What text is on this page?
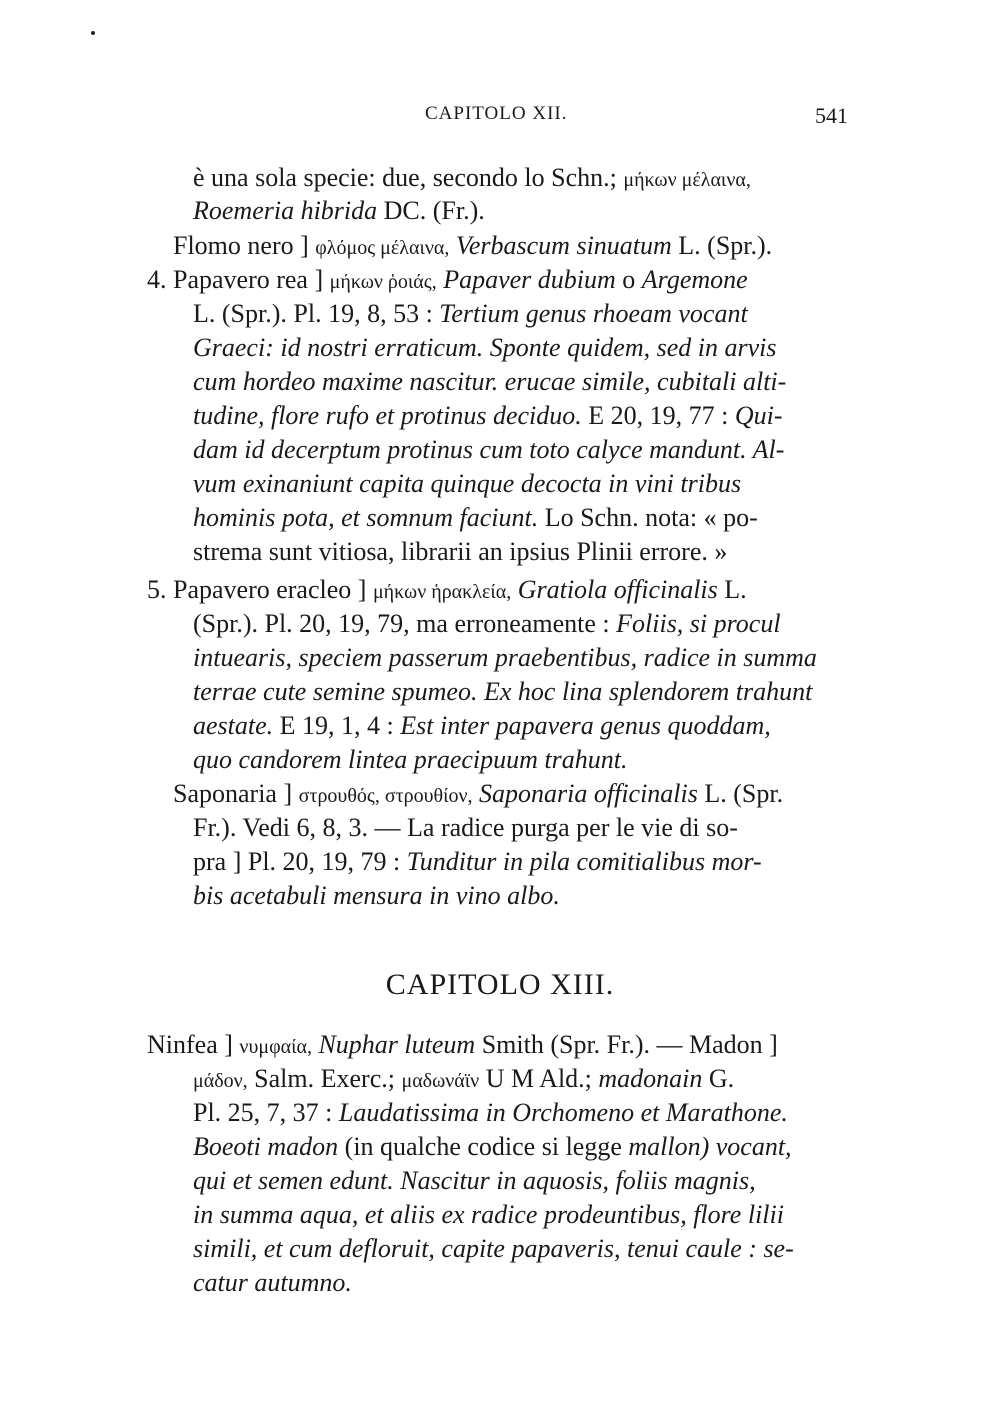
CAPITOLO XII.	541
è una sola specie: due, secondo lo Schn.; μήκων μέλαινα,
Roemeria hibrida DC. (Fr.).
Flomo nero ] φλόμος μέλαινα, Verbascum sinuatum L. (Spr.).
4. Papavero rea ] μήκων ῥοιάς, Papaver dubium o Argemone
L. (Spr.). Pl. 19, 8, 53 : Tertium genus rhoeam vocant
Graeci: id nostri erraticum. Sponte quidem, sed in arvis
cum hordeo maxime nascitur. erucae simile, cubitali alti-
tudine, flore rufo et protinus deciduo. E 20, 19, 77 : Qui-
dam id decerptum protinus cum toto calyce mandunt. Al-
vum exinaniunt capita quinque decocta in vini tribus
hominis pota, et somnum faciunt. Lo Schn. nota: « po-
strema sunt vitiosa, librarii an ipsius Plinii errore. »
5. Papavero eracleo ] μήκων ἡρακλεία, Gratiola officinalis L.
(Spr.). Pl. 20, 19, 79, ma erroneamente : Foliis, si procul
intuearis, speciem passerum praebentibus, radice in summa
terrae cute semine spumeo. Ex hoc lina splendorem trahunt
aestate. E 19, 1, 4 : Est inter papavera genus quoddam,
quo candorem lintea praecipuum trahunt.
Saponaria ] στρουθός, στρουθίον, Saponaria officinalis L. (Spr.
Fr.). Vedi 6, 8, 3. — La radice purga per le vie di so-
pra ] Pl. 20, 19, 79 : Tunditur in pila comitialibus mor-
bis acetabuli mensura in vino albo.
CAPITOLO XIII.
Ninfea ] νυμφαία, Nuphar luteum Smith (Spr. Fr.). — Madon ]
μάδον, Salm. Exerc.; μαδωνάϊν U M Ald.; madonain G.
Pl. 25, 7, 37 : Laudatissima in Orchomeno et Marathone.
Boeoti madon (in qualche codice si legge mallon) vocant,
qui et semen edunt. Nascitur in aquosis, foliis magnis,
in summa aqua, et aliis ex radice prodeuntibus, flore lilii
simili, et cum defloruit, capite papaveris, tenui caule : se-
catur autumno.
